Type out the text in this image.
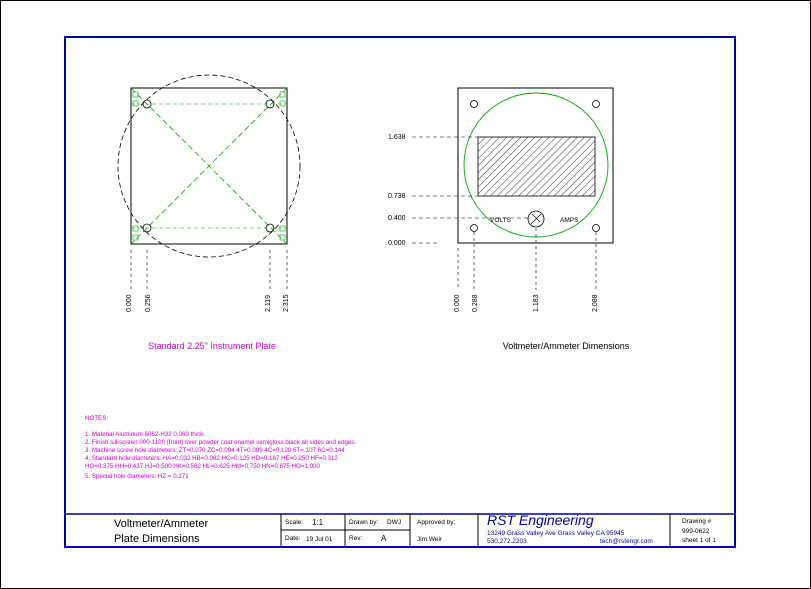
0.000 0.256	2.119 2.315
Standard 2.25" Instrument Plate
VOLTS	AMPS
1.638
0.738
0.400
0.000
0.000 0.288	1.183	2.088
Voltmeter/Ammeter Dimensions
NOTES:
1. Material Aluminum 6062-H32 0.060 thick.
2. Finish silkscreen 000-1100 (front) over powder coat enamel semigloss black all sides and edges.
3. Machine screw hole diameters: ZT=0.070 ZC=0.094 4T=0.089 4C=0.120 6T=.107 6C=0.144
4. Standard hole diameters: HA=0.032 HB=0.062 HC=0.125 HD=0.187 HE=0.250 HF=0.312
HG=0.375 HH=0.437 HJ=0.500 HK=0.562 HL=0.625 HM=0.750 HN=0.875 HO=1.000
5. Special hole diameters: HZ = 0.171
Voltmeter/Ammeter
Plate Dimensions
Scale: 1:1
Date: 19 Jul 01
Drawn by: DWJ
Rev: A
Approved by:
Jim Weir
RST Engineering
13249 Grass Valley Ave Grass Valley CA 95945
530.272.2203	tech@rstengr.com
Drawing #
999-0622
sheet 1 of 1
